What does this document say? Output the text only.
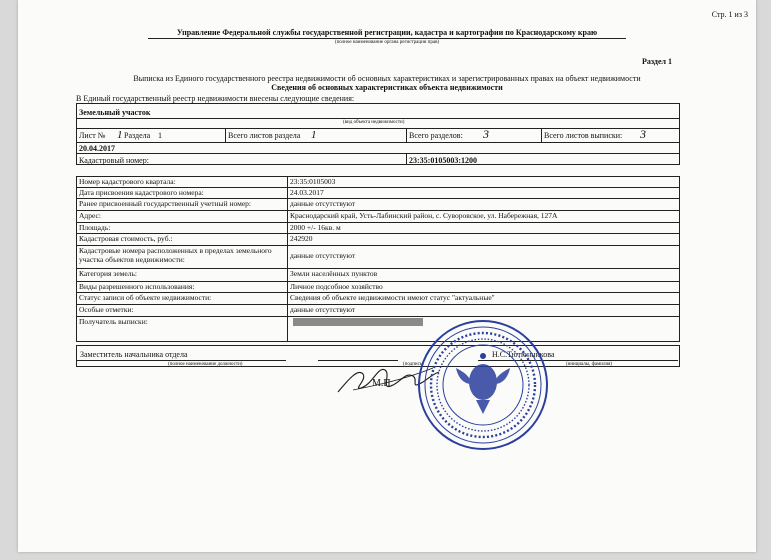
Стр. 1 из 3
Управление Федеральной службы государственной регистрации, кадастра и картографии по Краснодарскому краю
(полное наименование органа регистрации прав)
Раздел 1
Выписка из Единого государственного реестра недвижимости об основных характеристиках и зарегистрированных правах на объект недвижимости
Сведения об основных характеристиках объекта недвижимости
В Единый государственный реестр недвижимости внесены следующие сведения:
Земельный участок
(вид объекта недвижимости)
Лист № 1 Раздела 1	Всего листов раздела 1	Всего разделов: 3	Всего листов выписки: 3
20.04.2017
Кадастровый номер:	23:35:0105003:1200
Заместитель начальника отдела
(полное наименование должности)	(подпись)
Н.С.Тютюнникова
(инициалы, фамилия)
М.П.
Номер кадастрового квартала:	23:35:0105003
Дата присвоения кадастрового номера:	24.03.2017
Ранее присвоенный государственный учетный номер:	данные отсутствуют
Адрес:	Краснодарский край, Усть-Лабинский район, с. Суворовское, ул. Набережная, 127А
Площадь:	2000 +/- 16кв. м
Кадастровая стоимость, руб.:	242920
Кадастровые номера расположенных в пределах земельного участка объектов недвижимости:	данные отсутствуют
Категория земель:	Земли населённых пунктов
Виды разрешенного использования:	Личное подсобное хозяйство
Статус записи об объекте недвижимости:	Сведения об объекте недвижимости имеют статус "актуальные"
Особые отметки:	данные отсутствуют
Получатель выписки:
